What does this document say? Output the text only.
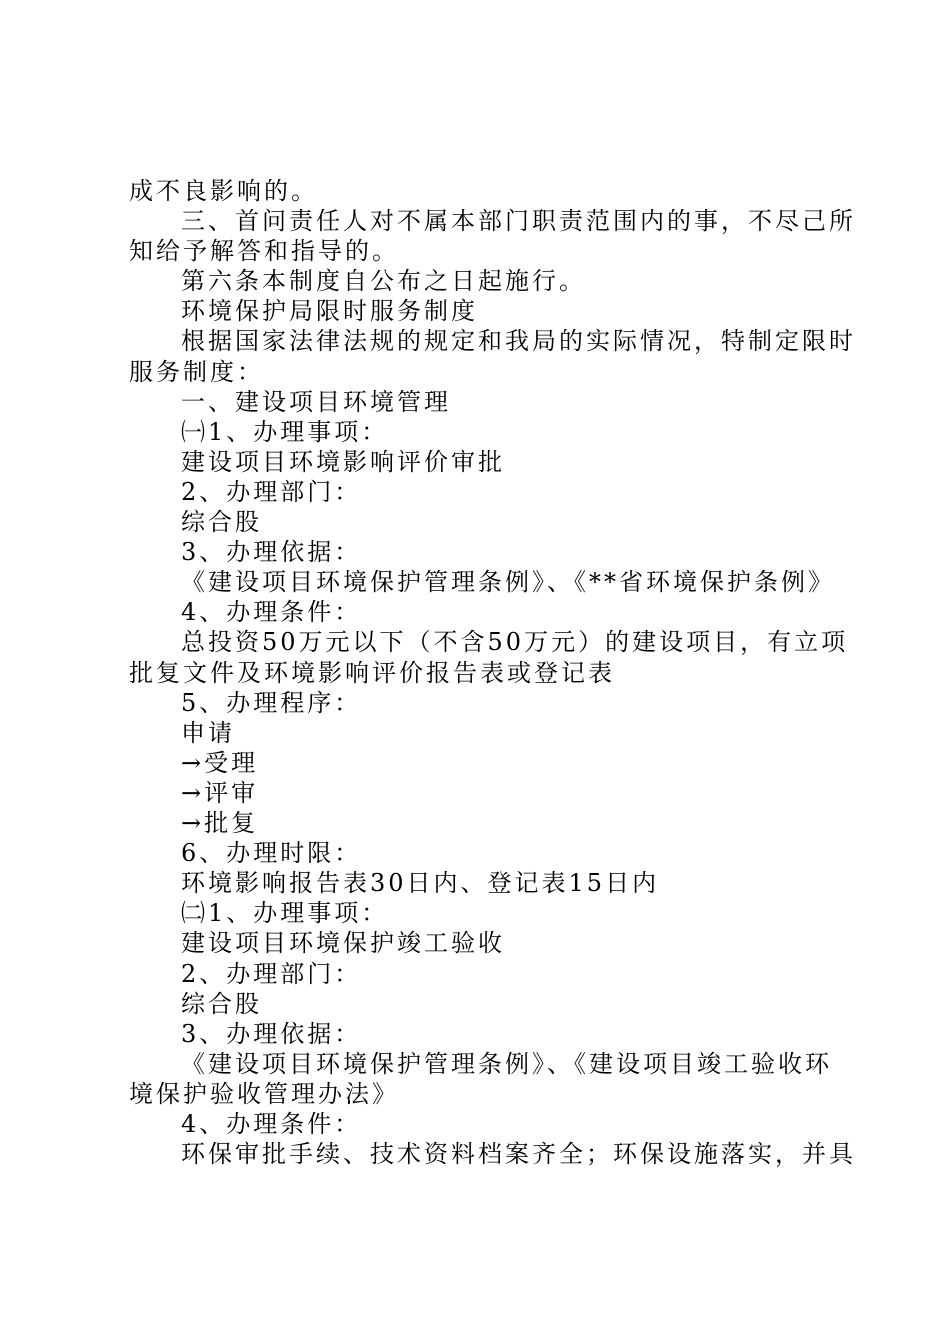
成不良影响的。
三、首问责任人对不属本部门职责范围内的事，不尽己所
知给予解答和指导的。
第六条本制度自公布之日起施行。
环境保护局限时服务制度
根据国家法律法规的规定和我局的实际情况，特制定限时
服务制度：
一、建设项目环境管理
㈠1、办理事项：
建设项目环境影响评价审批
2、办理部门：
综合股
3、办理依据：
《建设项目环境保护管理条例》、《**省环境保护条例》
4、办理条件：
总投资50万元以下（不含50万元）的建设项目，有立项
批复文件及环境影响评价报告表或登记表
5、办理程序：
申请
→受理
→评审
→批复
6、办理时限：
环境影响报告表30日内、登记表15日内
㈡1、办理事项：
建设项目环境保护竣工验收
2、办理部门：
综合股
3、办理依据：
《建设项目环境保护管理条例》、《建设项目竣工验收环
境保护验收管理办法》
4、办理条件：
环保审批手续、技术资料档案齐全；环保设施落实，并具
